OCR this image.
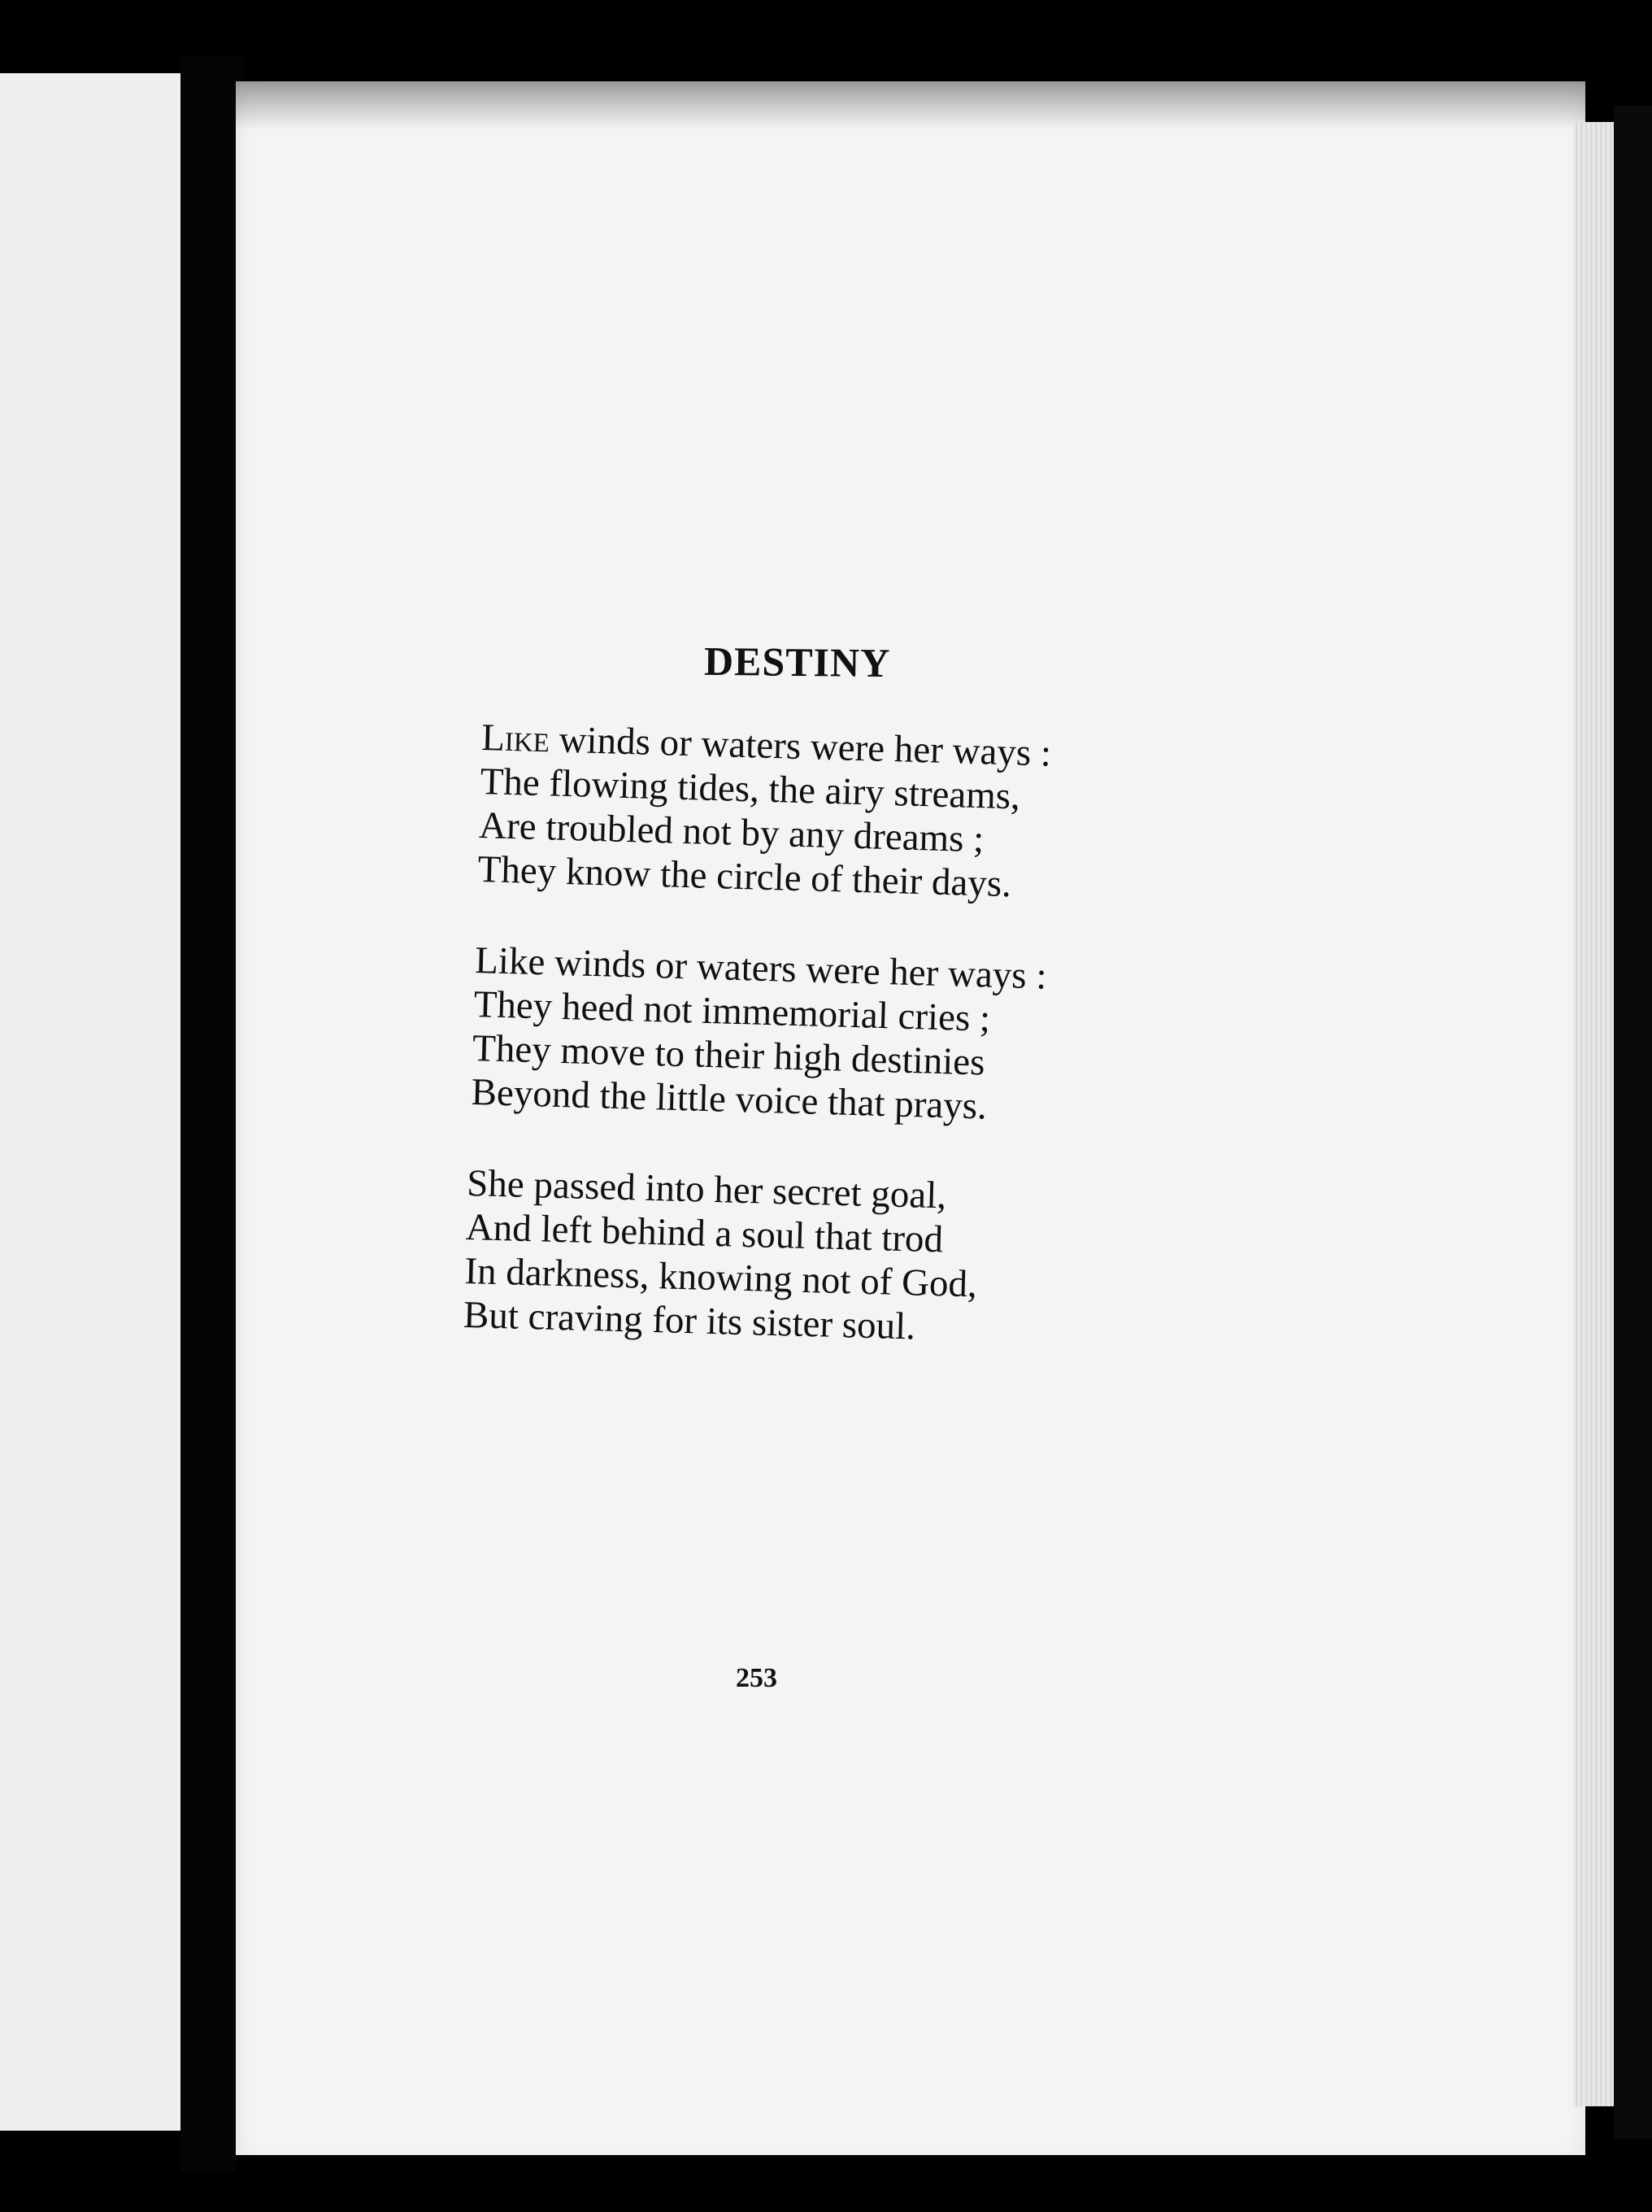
DESTINY
Like winds or waters were her ways :
The flowing tides, the airy streams,
Are troubled not by any dreams ;
They know the circle of their days.
Like winds or waters were her ways :
They heed not immemorial cries ;
They move to their high destinies
Beyond the little voice that prays.
She passed into her secret goal,
And left behind a soul that trod
In darkness, knowing not of God,
But craving for its sister soul.
253
